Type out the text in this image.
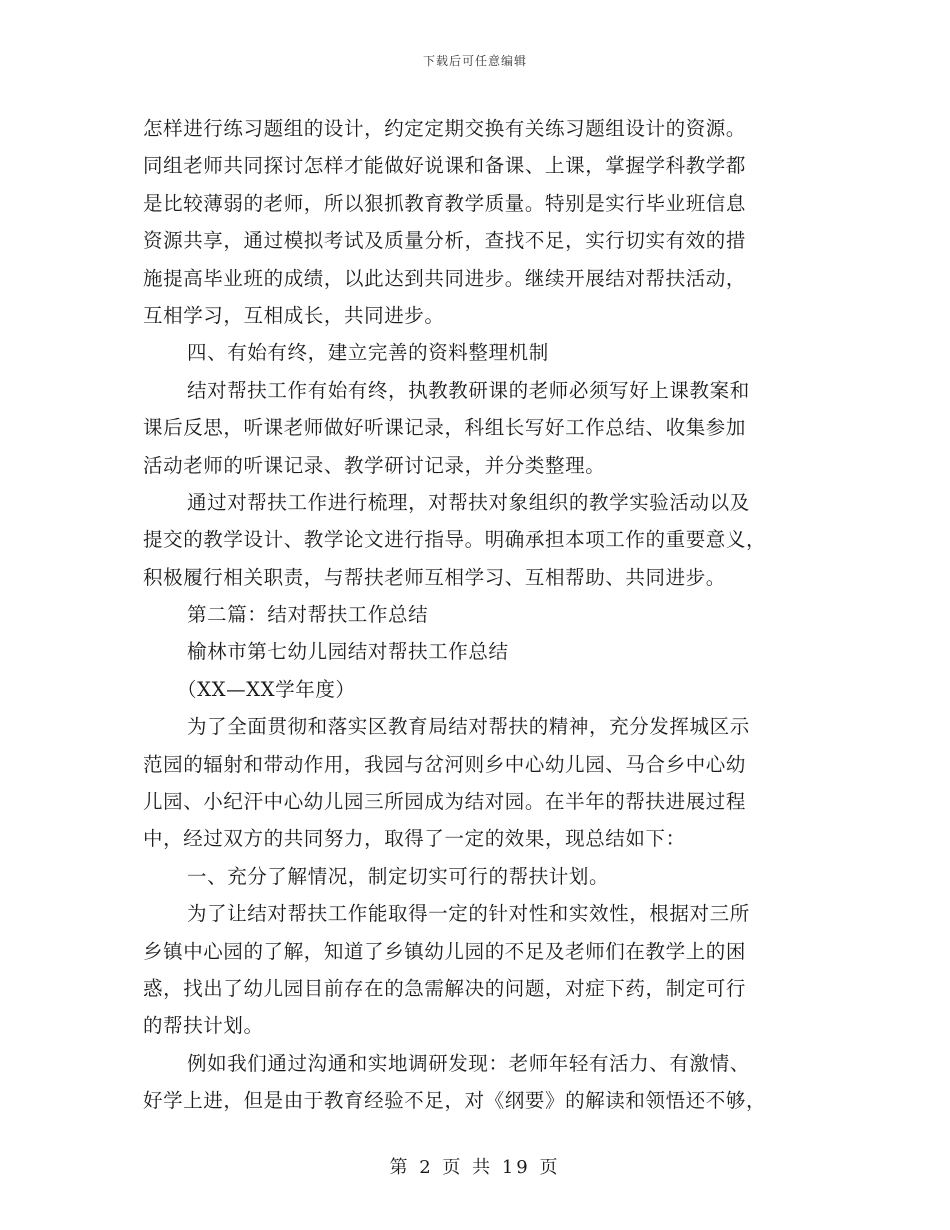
下载后可任意编辑
怎样进行练习题组的设计，约定定期交换有关练习题组设计的资源。
同组老师共同探讨怎样才能做好说课和备课、上课，掌握学科教学都
是比较薄弱的老师，所以狠抓教育教学质量。特别是实行毕业班信息
资源共享，通过模拟考试及质量分析，查找不足，实行切实有效的措
施提高毕业班的成绩，以此达到共同进步。继续开展结对帮扶活动，
互相学习，互相成长，共同进步。
四、有始有终，建立完善的资料整理机制
结对帮扶工作有始有终，执教教研课的老师必须写好上课教案和
课后反思，听课老师做好听课记录，科组长写好工作总结、收集参加
活动老师的听课记录、教学研讨记录，并分类整理。
通过对帮扶工作进行梳理，对帮扶对象组织的教学实验活动以及
提交的教学设计、教学论文进行指导。明确承担本项工作的重要意义，
积极履行相关职责，与帮扶老师互相学习、互相帮助、共同进步。
第二篇：结对帮扶工作总结
榆林市第七幼儿园结对帮扶工作总结
（XX—XX学年度）
为了全面贯彻和落实区教育局结对帮扶的精神，充分发挥城区示
范园的辐射和带动作用，我园与岔河则乡中心幼儿园、马合乡中心幼
儿园、小纪汗中心幼儿园三所园成为结对园。在半年的帮扶进展过程
中，经过双方的共同努力，取得了一定的效果，现总结如下：
一、充分了解情况，制定切实可行的帮扶计划。
为了让结对帮扶工作能取得一定的针对性和实效性，根据对三所
乡镇中心园的了解，知道了乡镇幼儿园的不足及老师们在教学上的困
惑，找出了幼儿园目前存在的急需解决的问题，对症下药，制定可行
的帮扶计划。
例如我们通过沟通和实地调研发现：老师年轻有活力、有激情、
好学上进，但是由于教育经验不足，对《纲要》的解读和领悟还不够，
第 2 页 共 19 页
